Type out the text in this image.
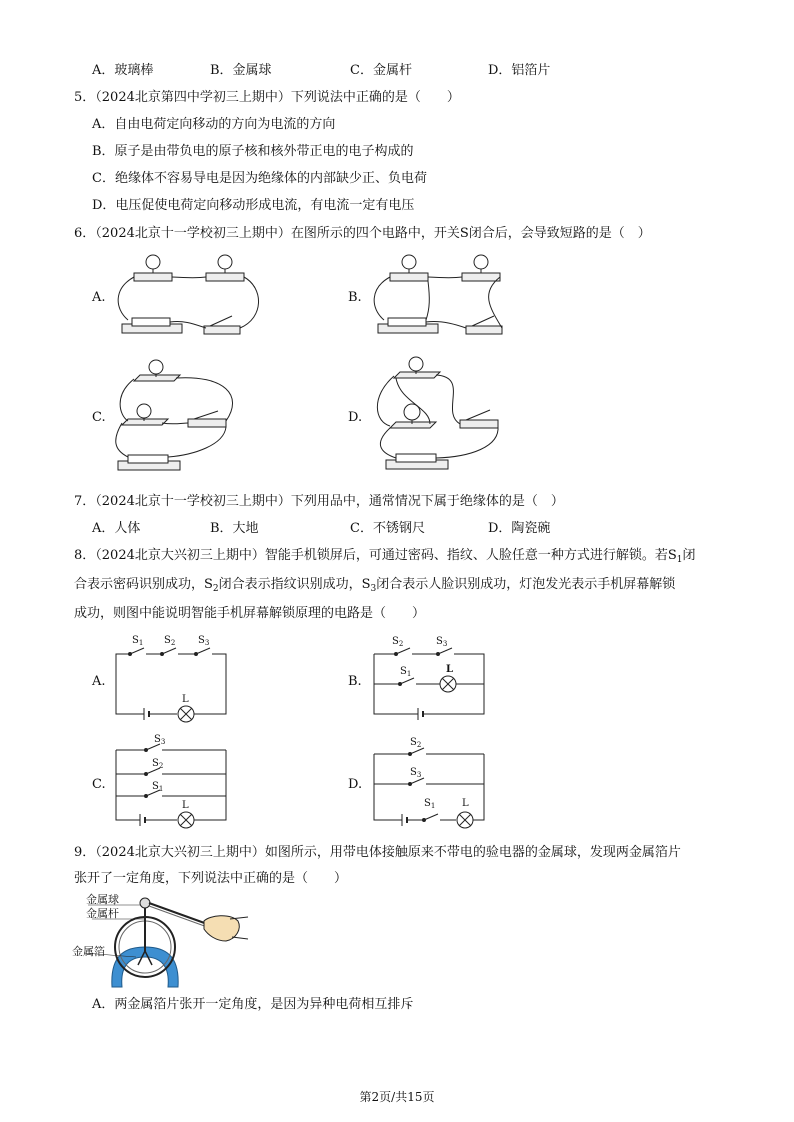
A．玻璃棒	B．金属球	C．金属杆	D．铝箔片
5．（2024北京第四中学初三上期中）下列说法中正确的是（　　）
A．自由电荷定向移动的方向为电流的方向
B．原子是由带负电的原子核和核外带正电的电子构成的
C．绝缘体不容易导电是因为绝缘体的内部缺少正、负电荷
D．电压促使电荷定向移动形成电流，有电流一定有电压
6．（2024北京十一学校初三上期中）在图所示的四个电路中，开关S闭合后，会导致短路的是（　）
A.	B.
C.	D.
7．（2024北京十一学校初三上期中）下列用品中，通常情况下属于绝缘体的是（　）
A．人体	B．大地	C．不锈钢尺	D．陶瓷碗
8．（2024北京大兴初三上期中）智能手机锁屏后，可通过密码、指纹、人脸任意一种方式进行解锁。若$S_1$闭
合表示密码识别成功，$S_2$闭合表示指纹识别成功，$S_3$闭合表示人脸识别成功，灯泡发光表示手机屏幕解锁
成功，则图中能说明智能手机屏幕解锁原理的电路是（　　）
A.	B.
C.	D.
$S_1$ $S_2$ $S_3$
L
$S_2$	$S_3$
$S_1$	L
$S_3$
$S_2$
$S_1$
L
$S_2$
$S_3$
$S_1$	L
9．（2024北京大兴初三上期中）如图所示，用带电体接触原来不带电的验电器的金属球，发现两金属箔片
张开了一定角度，下列说法中正确的是（　　）
金属球
金属杆
金属箔
A．两金属箔片张开一定角度，是因为异种电荷相互排斥
第2页/共15页
